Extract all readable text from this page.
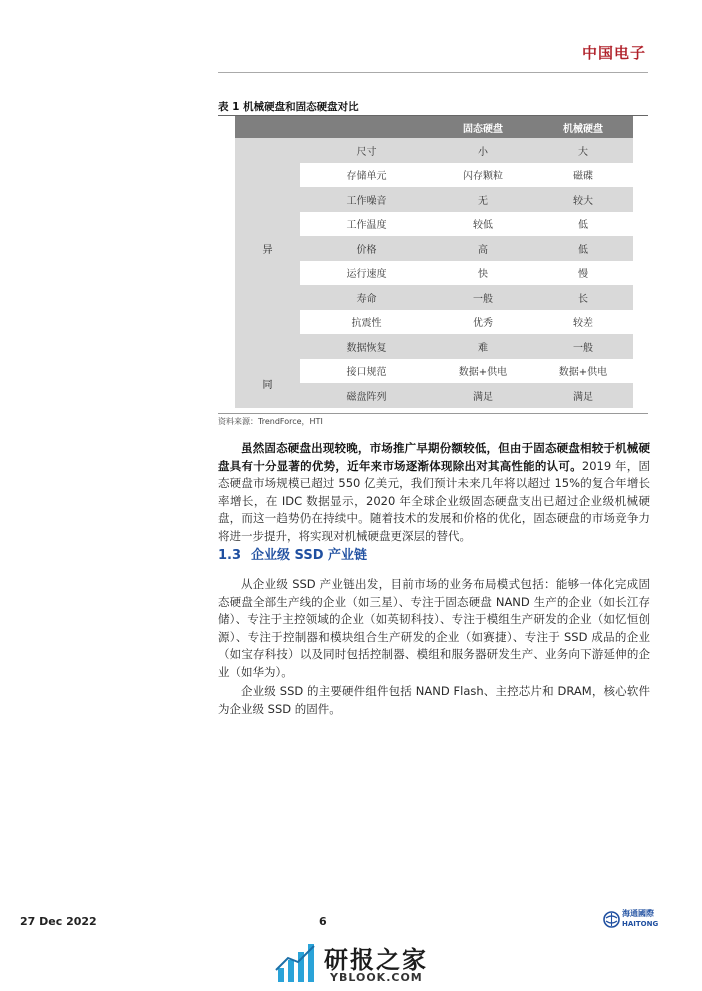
中国电子
表 1 机械硬盘和固态硬盘对比
		固态硬盘	机械硬盘
异	尺寸	小	大
	存储单元	闪存颗粒	磁碟
	工作噪音	无	较大
	工作温度	较低	低
	价格	高	低
	运行速度	快	慢
	寿命	一般	长
	抗震性	优秀	较差
	数据恢复	难	一般
同	接口规范	数据+供电	数据+供电
	磁盘阵列	满足	满足
资料来源：TrendForce，HTI

虽然固态硬盘出现较晚，市场推广早期份额较低，但由于固态硬盘相较于机械硬盘具有十分显著的优势，近年来市场逐渐体现除出对其高性能的认可。2019 年，固态硬盘市场规模已超过 550 亿美元，我们预计未来几年将以超过 15%的复合年增长率增长，在 IDC 数据显示，2020 年全球企业级固态硬盘支出已超过企业级机械硬盘，而这一趋势仍在持续中。随着技术的发展和价格的优化，固态硬盘的市场竞争力将进一步提升，将实现对机械硬盘更深层的替代。

1.3 企业级 SSD 产业链

从企业级 SSD 产业链出发，目前市场的业务布局模式包括：能够一体化完成固态硬盘全部生产线的企业（如三星）、专注于固态硬盘 NAND 生产的企业（如长江存储）、专注于主控领域的企业（如英韧科技）、专注于模组生产研发的企业（如忆恒创源）、专注于控制器和模块组合生产研发的企业（如赛捷）、专注于 SSD 成品的企业（如宝存科技）以及同时包括控制器、模组和服务器研发生产、业务向下游延伸的企业（如华为）。

企业级 SSD 的主要硬件组件包括 NAND Flash、主控芯片和 DRAM，核心软件为企业级 SSD 的固件。

27 Dec 2022	6
海通國際
HAITONG
研报之家
YBLOOK.COM
